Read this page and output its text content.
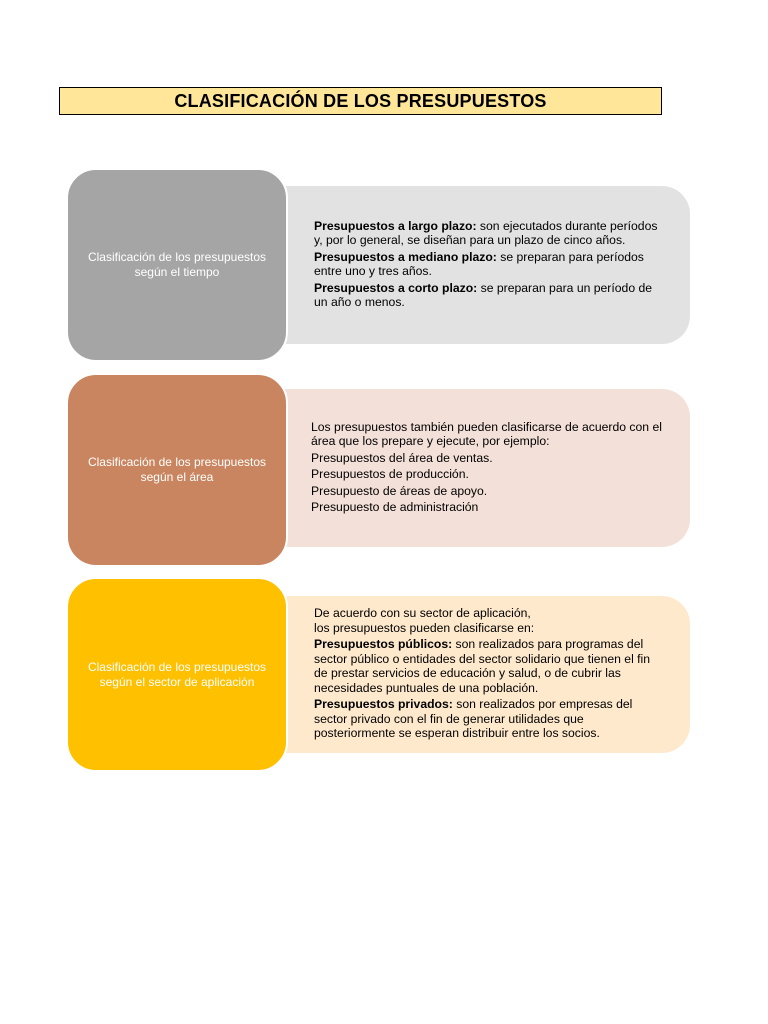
CLASIFICACIÓN DE LOS PRESUPUESTOS

Presupuestos a largo plazo: son ejecutados durante períodos y, por lo general, se diseñan para un plazo de cinco años.

Presupuestos a mediano plazo: se preparan para períodos entre uno y tres años.

Presupuestos a corto plazo: se preparan para un período de un año o menos.

Clasificación de los presupuestos según el tiempo

Los presupuestos también pueden clasificarse de acuerdo con el área que los prepare y ejecute, por ejemplo:

Presupuestos del área de ventas.

Presupuestos de producción.

Presupuesto de áreas de apoyo.

Presupuesto de administración

Clasificación de los presupuestos según el área

De acuerdo con su sector de aplicación,

los presupuestos pueden clasificarse en:

Presupuestos públicos: son realizados para programas del sector público o entidades del sector solidario que tienen el fin de prestar servicios de educación y salud, o de cubrir las necesidades puntuales de una población.

Presupuestos privados: son realizados por empresas del sector privado con el fin de generar utilidades que posteriormente se esperan distribuir entre los socios.

Clasificación de los presupuestos según el sector de aplicación
